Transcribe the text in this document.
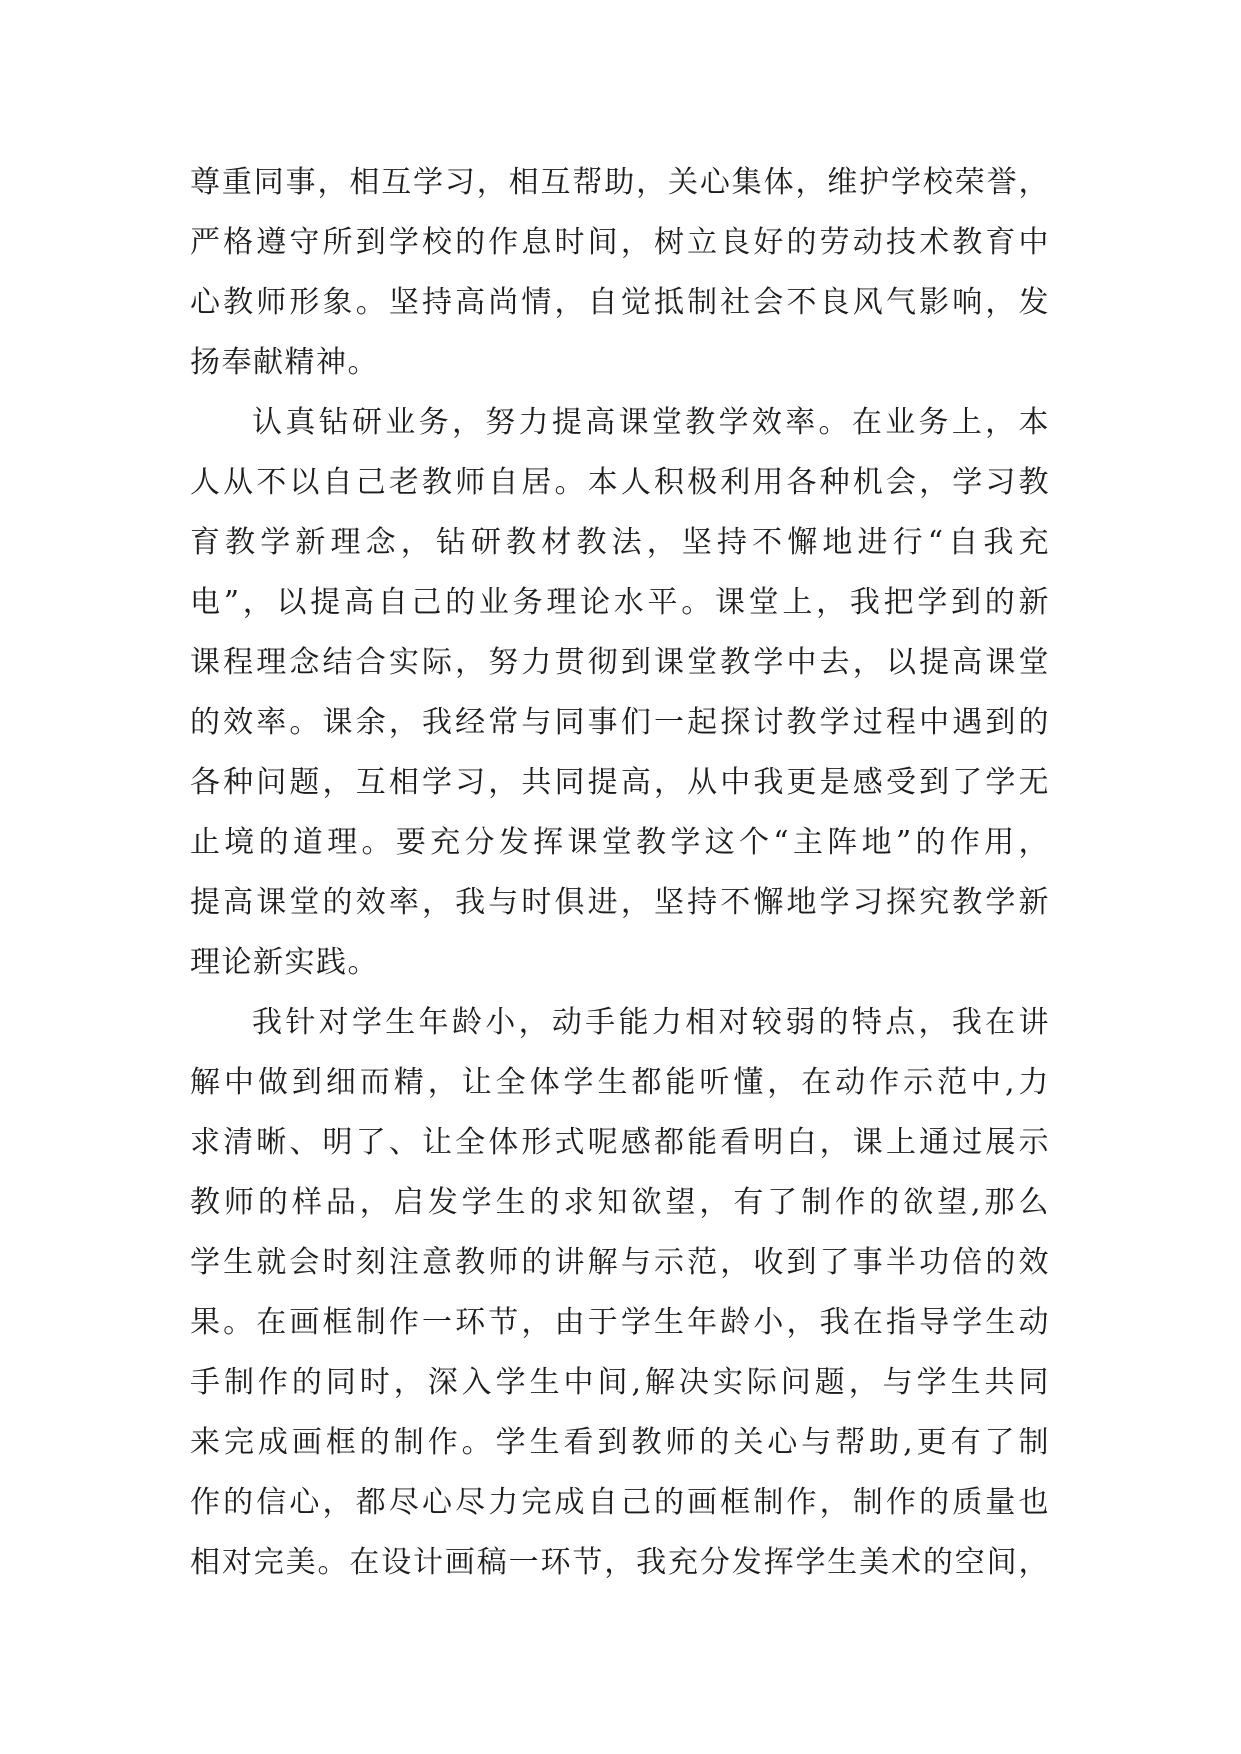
尊重同事，相互学习，相互帮助，关心集体，维护学校荣誉，
严格遵守所到学校的作息时间，树立良好的劳动技术教育中
心教师形象。坚持高尚情，自觉抵制社会不良风气影响，发
扬奉献精神。
认真钻研业务，努力提高课堂教学效率。在业务上，本
人从不以自己老教师自居。本人积极利用各种机会，学习教
育教学新理念，钻研教材教法，坚持不懈地进行“自我充
电”，以提高自己的业务理论水平。课堂上，我把学到的新
课程理念结合实际，努力贯彻到课堂教学中去，以提高课堂
的效率。课余，我经常与同事们一起探讨教学过程中遇到的
各种问题，互相学习，共同提高，从中我更是感受到了学无
止境的道理。要充分发挥课堂教学这个“主阵地”的作用，
提高课堂的效率，我与时俱进，坚持不懈地学习探究教学新
理论新实践。
我针对学生年龄小，动手能力相对较弱的特点，我在讲
解中做到细而精，让全体学生都能听懂，在动作示范中,力
求清晰、明了、让全体形式呢感都能看明白，课上通过展示
教师的样品，启发学生的求知欲望，有了制作的欲望,那么
学生就会时刻注意教师的讲解与示范，收到了事半功倍的效
果。在画框制作一环节，由于学生年龄小，我在指导学生动
手制作的同时，深入学生中间,解决实际问题，与学生共同
来完成画框的制作。学生看到教师的关心与帮助,更有了制
作的信心，都尽心尽力完成自己的画框制作，制作的质量也
相对完美。在设计画稿一环节，我充分发挥学生美术的空间，
